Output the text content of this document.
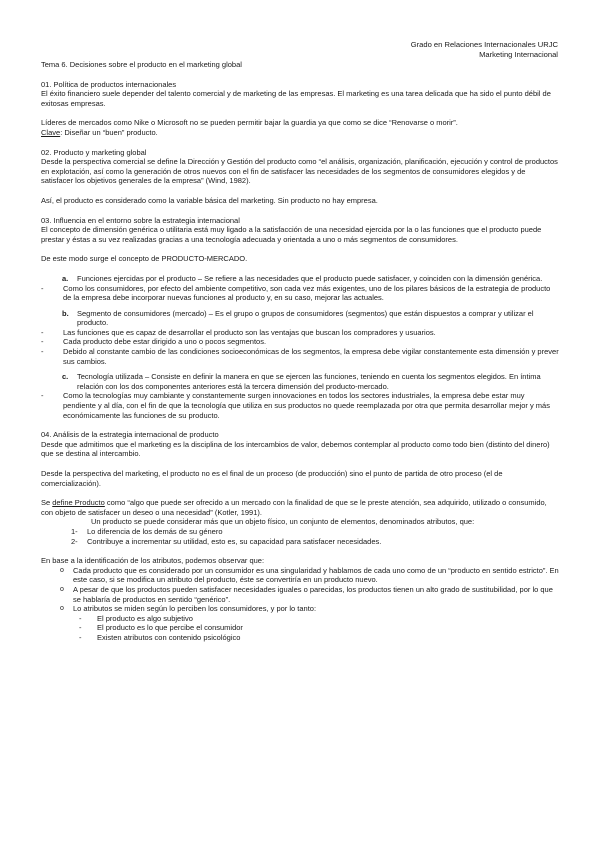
Grado en Relaciones Internacionales URJC
Marketing Internacional

Tema 6. Decisiones sobre el producto en el marketing global

01. Política de productos internacionales

El éxito financiero suele depender del talento comercial y de marketing de las empresas. El marketing es una tarea delicada que ha sido el punto débil de exitosas empresas.

Líderes de mercados como Nike o Microsoft no se pueden permitir bajar la guardia ya que como se dice “Renovarse o morir”.

Clave: Diseñar un “buen” producto.

02. Producto y marketing global

Desde la perspectiva comercial se define la Dirección y Gestión del producto como “el análisis, organización, planificación, ejecución y control de productos en explotación, así como la generación de otros nuevos con el fin de satisfacer las necesidades de los segmentos de consumidores elegidos y de satisfacer los objetivos generales de la empresa” (Wind, 1982).

Así, el producto es considerado como la variable básica del marketing. Sin producto no hay empresa.

03. Influencia en el entorno sobre la estrategia internacional

El concepto de dimensión genérica o utilitaria está muy ligado a la satisfacción de una necesidad ejercida por la o las funciones que el producto puede prestar y éstas a su vez realizadas gracias a una tecnología adecuada y orientada a uno o más segmentos de consumidores.

De este modo surge el concepto de PRODUCTO-MERCADO.

a. Funciones ejercidas por el producto – Se refiere a las necesidades que el producto puede satisfacer, y coinciden con la dimensión genérica.
-	Como los consumidores, por efecto del ambiente competitivo, son cada vez más exigentes, uno de los pilares básicos de la estrategia de producto de la empresa debe incorporar nuevas funciones al producto y, en su caso, mejorar las actuales.
b. Segmento de consumidores (mercado) – Es el grupo o grupos de consumidores (segmentos) que están dispuestos a comprar y utilizar el producto.
-	Las funciones que es capaz de desarrollar el producto son las ventajas que buscan los compradores y usuarios.
-	Cada producto debe estar dirigido a uno o pocos segmentos.
-	Debido al constante cambio de las condiciones socioeconómicas de los segmentos, la empresa debe vigilar constantemente esta dimensión y prever sus cambios.
c. Tecnología utilizada – Consiste en definir la manera en que se ejercen las funciones, teniendo en cuenta los segmentos elegidos. En íntima relación con los dos componentes anteriores está la tercera dimensión del producto-mercado.
-	Como la tecnologías muy cambiante y constantemente surgen innovaciones en todos los sectores industriales, la empresa debe estar muy pendiente y al día, con el fin de que la tecnología que utiliza en sus productos no quede reemplazada por otra que permita desarrollar mejor y más económicamente las funciones de su producto.

04. Análisis de la estrategia internacional de producto

Desde que admitimos que el marketing es la disciplina de los intercambios de valor, debemos contemplar al producto como todo bien (distinto del dinero) que se destina al intercambio.

Desde la perspectiva del marketing, el producto no es el final de un proceso (de producción) sino el punto de partida de otro proceso (el de comercialización).

Se define Producto como “algo que puede ser ofrecido a un mercado con la finalidad de que se le preste atención, sea adquirido, utilizado o consumido, con objeto de satisfacer un deseo o una necesidad” (Kotler, 1991).

Un producto se puede considerar más que un objeto físico, un conjunto de elementos, denominados atributos, que:

1- Lo diferencia de los demás de su género
2- Contribuye a incrementar su utilidad, esto es, su capacidad para satisfacer necesidades.

En base a la identificación de los atributos, podemos observar que:

o Cada producto que es considerado por un consumidor es una singularidad y hablamos de cada uno como de un “producto en sentido estricto”. En este caso, si se modifica un atributo del producto, éste se convertiría en un producto nuevo.
o A pesar de que los productos pueden satisfacer necesidades iguales o parecidas, los productos tienen un alto grado de sustitubilidad, por lo que se hablaría de productos en sentido “genérico”.
o Lo atributos se miden según lo perciben los consumidores, y por lo tanto:
- El producto es algo subjetivo
- El producto es lo que percibe el consumidor
- Existen atributos con contenido psicológico
